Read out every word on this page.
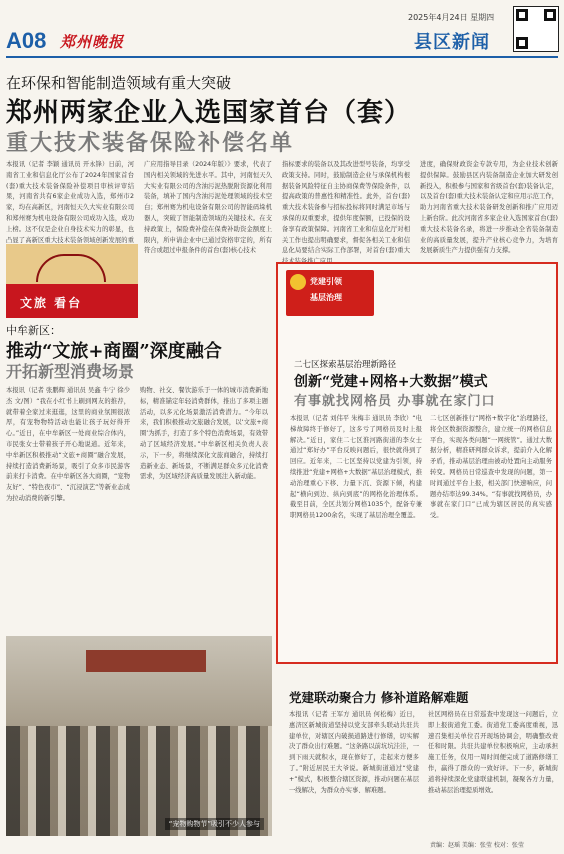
A08 郑州晚报
2025年4月24日 星期四
县区新闻
在环保和智能制造领域有重大突破
郑州两家企业入选国家首台（套）
重大技术装备保险补偿名单
本报讯（记者 李颖 通讯员 开永锋）日前，河南省工业和信息化厅公布了2024年国家首台(套)重大技术装备保险补偿项目审核评审结果，河南省共有6家企业成功入选，郑州市2家，均在高新区，河南恒天久大实业有限公司和郑州赛为机电设备有限公司成功入选，成功上榜。这不仅是企业自身技术实力的彰显，也凸显了高新区重大技术装备领域创新发展的重
广应用指导目录（2024年版）》要求，代表了国内相关领域的先进水平。其中，河南恒天久大实业有限公司的含油污泥热脱附资源化利用装备，填补了国内含油污泥处理领域的技术空白；郑州赛为机电设备有限公司的智能码垛机器人，突破了智能制造领域的关键技术。在支持政策上，保险费补偿在保费补助资金额度上限内，所申请企业中已通过资格审定的，所有符合或超过申报条件的首台(套)核心技术
指标要求的装备以及其改进型号装备，均享受政策支持。同时，鼓励制造企业与承保机构根据装备风险特征自主协商保费等保险条件，以提高政策的普惠性和精准性。此外，首台(套)重大技术装备参与招标投标将同时满足市场与承保的双重要求，提供年度保额，已投保的设备享有政策保障。河南省工业和信息化厅对相关工作也提出明确要求，督促各相关工业和信息化局要结合实际工作部署，对首台(套)重大
进度，确保财政资金专款专用，为企业技术创新提供保障。鼓励县区内装备制造企业加大研发创新投入，积极参与国家和省级首台(套)装备认定，以及首台(套)重大技术装备认定和应用示范工作，助力河南省重大技术装备研发创新和推广应用迈上新台阶。此次河南省多家企业入选国家首台(套)重大技术装备名录，将进一步推动全省装备制造业的高质量发展，提升产业核心竞争力，为培育发展新质生产力提供强有力支撑。
文旅 看台
中牟新区：
推动“文旅+商圈”深度融合
开拓新型消费场景
本报讯（记者 张鹏辉 通讯员 吴鑫 牛宁 徐少杰 文/图）“我在小红书上刷到网友的推荐，就带着全家过来逛逛，这里的商业氛围很浓厚，有宠物物特活动也能让孩子玩好得开心。”近日，在中牟新区一处商业综合体内，市民张女士带着孩子开心地说道。近年来，中牟新区积极推动“文旅+商圈”融合发展，持续打造消费新场景，吸引了众多市民游客前来打卡消费。在中牟新区各大商圈，“宠物友好”、“特色夜市”、“沉浸演艺”等新业态成为拉动消费的新引擎。
购物、社交、餐饮游乐于一体的城市消费新地标，精准锚定年轻消费群体，推出了多项主题活动，以多元化场景激活消费潜力。“今年以来，我们积极推动文旅融合发展，以‘文旅+商圈’为抓手，打造了多个特色消费场景，有效带动了区域经济发展。”中牟新区相关负责人表示，下一步，将继续深化文旅商融合，持续打造新业态、新场景，不断满足群众多元化消费需求，为区域经济高质量发展注入新动能。
“宠物购物节”吸引不少人参与
党建引领
基层治理
二七区探索基层治理新路径
创新“党建+网格+大数据”模式
有事就找网格员 办事就在家门口
本报讯（记者 刘伟平 朱梅丰 通讯员 李欣）“电梯故障终于修好了，这多亏了网格员及时上报解决。”近日，家住二七区淮河路街道的李女士通过“郑好办”平台反映问题后，很快就得到了回应。近年来，二七区坚持以党建为引领，持续推进“党建+网格+大数据”基层治理模式，推动治理重心下移、力量下沉、资源下倾，构建起“横向到边、纵向到底”的网格化治理体系。截至目前，全区共划分网格1035个，配备专兼职网格员1200余名，实现了基层治理全覆盖。
二七区创新推行“网格+数字化”治理路径，将全区数据资源整合，建立统一的网格信息平台，实现各类问题“一网统管”。通过大数据分析，精准研判群众诉求，提前介入化解矛盾，推动基层治理由被动处置向主动服务转变。网格员日常巡查中发现的问题，第一时间通过平台上报，相关部门快速响应，问题办结率达99.34%。“有事就找网格员，办事就在家门口”已成为辖区居民的真实感受。
党建联动聚合力 修补道路解难题
本报讯（记者 王军方 通讯员 何松梅）近日，惠济区新城街道坚持以党支部牵头联动共驻共建单位，对辖区内破损道路进行修缮，切实解决了群众出行难题。“这条路以前坑坑洼洼，一到下雨天就积水，现在修好了，走起来方便多了。”附近居民王大爷说。新城街道通过“党建+”模式，积极整合辖区资源，推动问题在基层一线解决，为群众办实事、解难题。
社区网格员在日常巡查中发现这一问题后，立即上报街道党工委。街道党工委高度重视，迅速召集相关单位召开现场协调会，明确整改责任和时限。共驻共建单位积极响应，主动承担施工任务，仅用一周时间便完成了道路修缮工作，赢得了群众的一致好评。下一步，新城街道将持续深化党建联建机制，凝聚各方力量，推动基层治理提质增效。
责编：赵瑶 美编：张莹 校对：张莹
